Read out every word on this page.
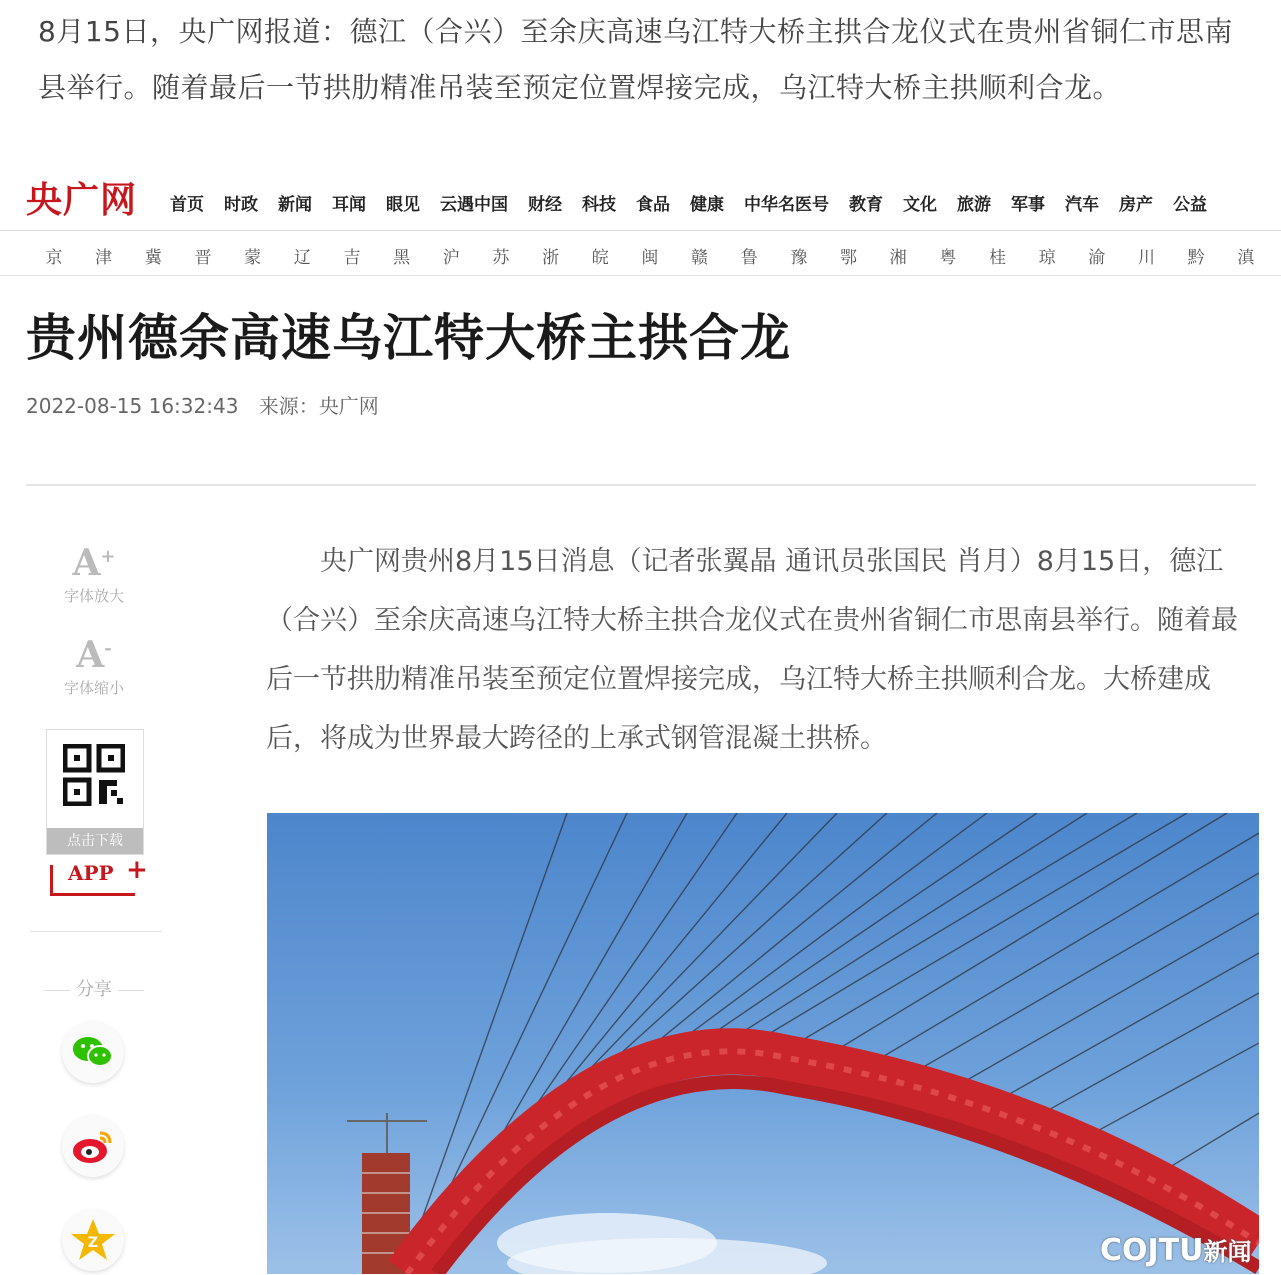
8月15日，央广网报道：德江（合兴）至余庆高速乌江特大桥主拱合龙仪式在贵州省铜仁市思南县举行。随着最后一节拱肋精准吊装至预定位置焊接完成，乌江特大桥主拱顺利合龙。
央广网	首页	时政	新闻	耳闻	眼见	云遇中国	财经	科技	食品	健康	中华名医号	教育	文化	旅游	军事	汽车	房产	公益
京	津	冀	晋	蒙	辽	吉	黑	沪	苏	浙	皖	闽	赣	鲁	豫	鄂	湘	粤	桂	琼	渝	川	黔	滇
贵州德余高速乌江特大桥主拱合龙
2022-08-15 16:32:43 来源：央广网
A+
字体放大
A-
字体缩小
点击下载
APP +
分享
Z

央广网贵州8月15日消息（记者张翼晶 通讯员张国民 肖月）8月15日，德江（合兴）至余庆高速乌江特大桥主拱合龙仪式在贵州省铜仁市思南县举行。随着最后一节拱肋精准吊装至预定位置焊接完成，乌江特大桥主拱顺利合龙。大桥建成后，将成为世界最大跨径的上承式钢管混凝土拱桥。

COJTU新闻
